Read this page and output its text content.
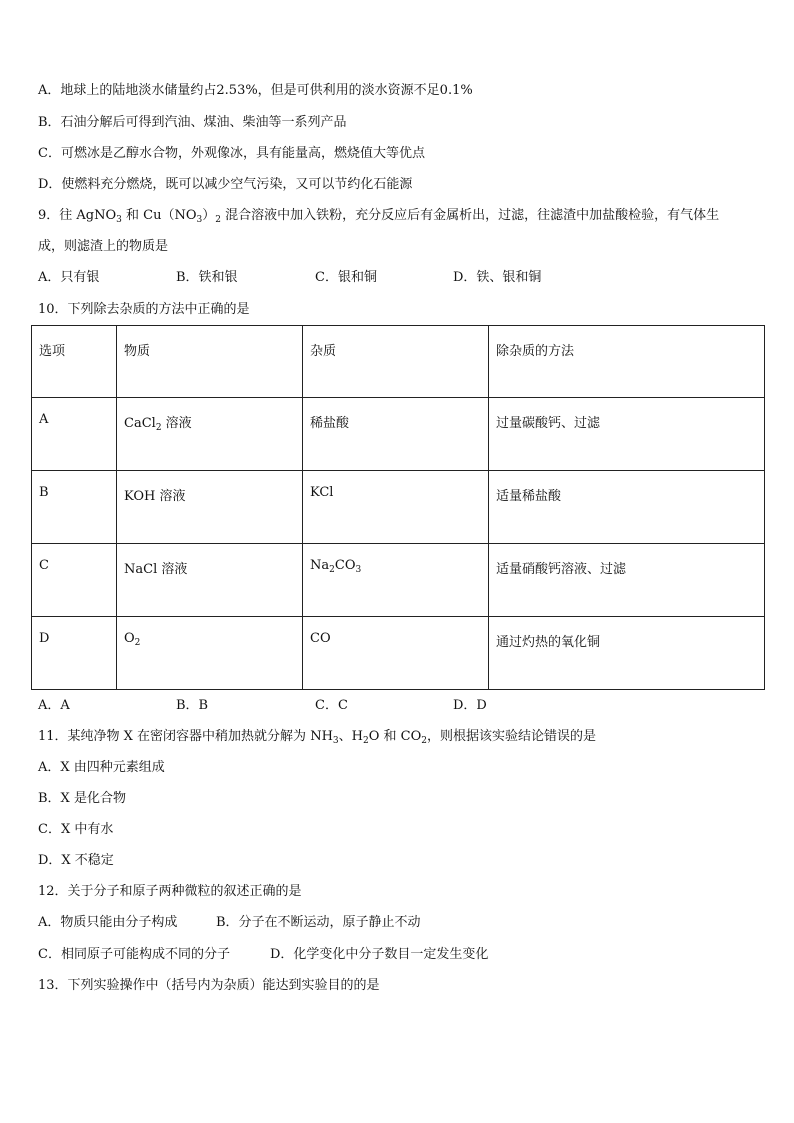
A．地球上的陆地淡水储量约占2.53%，但是可供利用的淡水资源不足0.1%
B．石油分解后可得到汽油、煤油、柴油等一系列产品
C．可燃冰是乙醇水合物，外观像冰，具有能量高，燃烧值大等优点
D．使燃料充分燃烧，既可以减少空气污染，又可以节约化石能源
9．往 AgNO$_3$ 和 $Cu(NO_3)_2$ 混合溶液中加入铁粉，充分反应后有金属析出，过滤，往滤渣中加盐酸检验，有气体生
成，则滤渣上的物质是
A．只有银	B．铁和银	C．银和铜	D．铁、银和铜
10．下列除去杂质的方法中正确的是
选项	物质	杂质	除杂质的方法
A	CaCl$_2$ 溶液	稀盐酸	过量碳酸钙、过滤
B	KOH 溶液	KCl	适量稀盐酸
C	NaCl 溶液	$Na_2CO_3$	适量硝酸钙溶液、过滤
D	$O_2$	CO	通过灼热的氧化铜
A．A	B．B	C．C	D．D
11．某纯净物 X 在密闭容器中稍加热就分解为 $NH_3$、$H_2O$ 和 $CO_2$，则根据该实验结论错误的是
A．X 由四种元素组成
B．X 是化合物
C．X 中有水
D．X 不稳定
12．关于分子和原子两种微粒的叙述正确的是
A．物质只能由分子构成	B．分子在不断运动，原子静止不动
C．相同原子可能构成不同的分子	D．化学变化中分子数目一定发生变化
13．下列实验操作中（括号内为杂质）能达到实验目的的是
